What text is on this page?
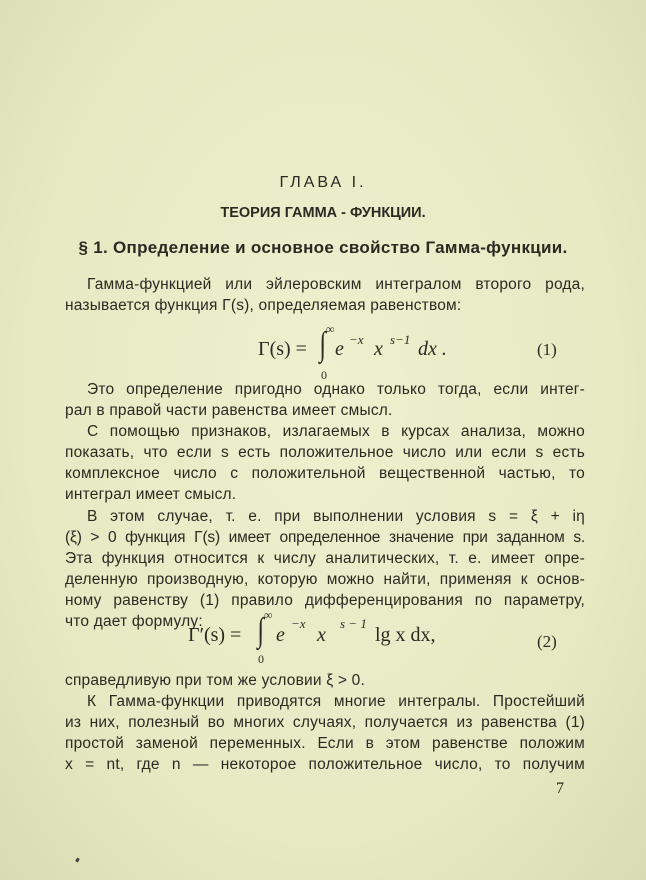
ГЛАВА I.
ТЕОРИЯ ГАММА - ФУНКЦИИ.
§ 1. Определение и основное свойство Гамма-функции.
Гамма-функцией или эйлеровским интегралом второго рода,
называется функция Γ(s), определяемая равенством:
Γ(s) = ∫ ∞
0
e −x x s−1 dx .	(1)
Это определение пригодно однако только тогда, если интег-
рал в правой части равенства имеет смысл.
С помощью признаков, излагаемых в курсах анализа, можно
показать, что если s есть положительное число или если s есть
комплексное число с положительной вещественной частью, то
интеграл имеет смысл.
В этом случае, т. е. при выполнении условия s = ξ + iη
(ξ) > 0 функция Γ(s) имеет определенное значение при заданном s.
Эта функция относится к числу аналитических, т. е. имеет опре-
деленную производную, которую можно найти, применяя к основ-
ному равенству (1) правило дифференцирования по параметру,
что дает формулу:
Γ′(s) = ∫ ∞
0
e
−x
x
s − 1
lg x dx,	(2)
справедливую при том же условии ξ > 0.
К Гамма-функции приводятся многие интегралы. Простейший
из них, полезный во многих случаях, получается из равенства (1)
простой заменой переменных. Если в этом равенстве положим
x = nt, где n — некоторое положительное число, то получим
7
